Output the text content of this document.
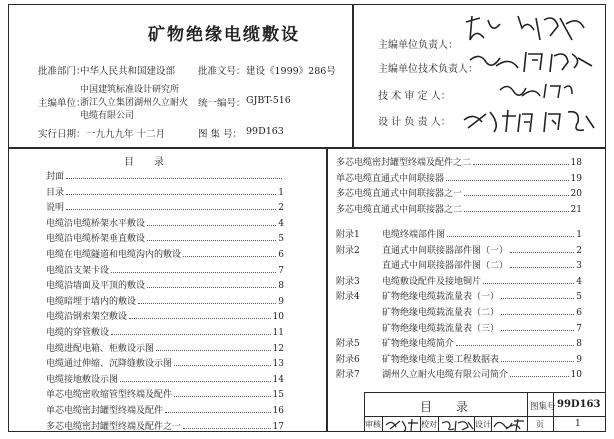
矿物绝缘电缆敷设
批准部门：
中华人民共和国建设部 批准文号： 建设《1999》286号
主编单位：
中国建筑标准设计研究所
浙江久立集团湖州久立耐火
电缆有限公司
统一编号： GJBT-516
实行日期： 一九九九年 十二月	图 集 号： 99D163
主编单位负责人：
主编单位技术负责人：
技 术 审 定 人：
设 计 负 责 人：
目　　录
封面
目录	1
说明	2
电缆沿电缆桥架水平敷设	4
电缆沿电缆桥架垂直敷设	5
电缆在电缆隧道和电缆沟内的敷设	6
电缆沿支架卡设	7
电缆沿墙面及平顶的敷设	8
电缆暗埋于墙内的敷设	9
电缆沿钢索架空敷设	10
电缆的穿管敷设	11
电缆进配电箱、柜敷设示图	12
电缆通过伸缩、沉降缝敷设示图	13
电缆接地敷设示图	14
单芯电缆密收缩管型终端及配件	15
单芯电缆密封罐型终端及配件	16
多芯电缆密封罐型终端及配件之一	17
多芯电缆密封罐型终端及配件之二	18
单芯电缆直通式中间联接器	19
多芯电缆直通式中间联接器之一	20
多芯电缆直通式中间联接器之二	21
附录1	电缆终端部件图	1
附录2	直通式中间联接器部件图（一）	2
直通式中间联接器部件图（二）	3
附录3	电缆敷设配件及接地铜片	4
附录4	矿物绝缘电缆载流量表（一）	5
矿物绝缘电缆载流量表（二）	6
矿物绝缘电缆载流量表（三）	7
附录5	矿物绝缘电缆简介	8
附录6	矿物绝缘电缆主要工程数据表	9
附录7	湖州久立耐火电缆有限公司简介	10
目　　录	图集号 99D163
审核	校对	设计	页	1
